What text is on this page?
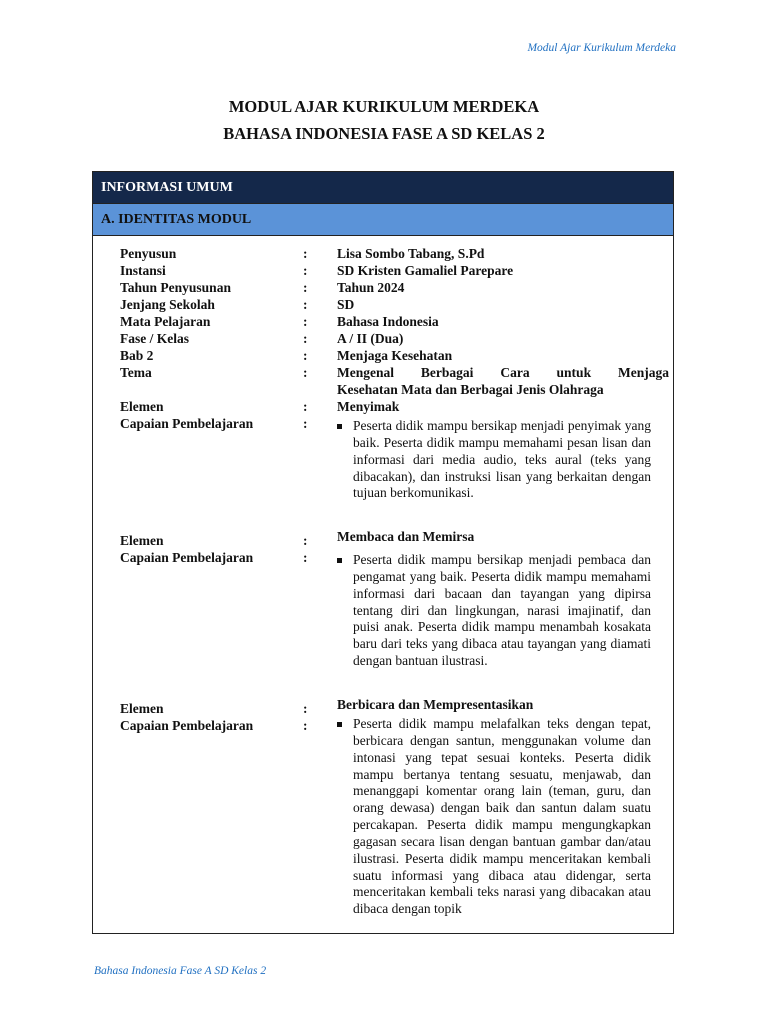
Modul Ajar Kurikulum Merdeka
MODUL AJAR KURIKULUM MERDEKA
BAHASA INDONESIA FASE A SD KELAS 2
INFORMASI UMUM
A. IDENTITAS MODUL
Penyusun	: Lisa Sombo Tabang, S.Pd
Instansi	: SD Kristen Gamaliel Parepare
Tahun Penyusunan	: Tahun 2024
Jenjang Sekolah	: SD
Mata Pelajaran	: Bahasa Indonesia
Fase / Kelas	: A / II (Dua)
Bab 2	: Menjaga Kesehatan
Tema	: Mengenal Berbagai Cara untuk Menjaga
Kesehatan Mata dan Berbagai Jenis Olahraga
Elemen	: Menyimak
Capaian Pembelajaran	:	Peserta didik mampu bersikap menjadi penyimak yang baik. Peserta didik mampu memahami pesan lisan dan informasi dari media audio, teks aural (teks yang dibacakan), dan instruksi lisan yang berkaitan dengan tujuan berkomunikasi.
Elemen	: Membaca dan Memirsa
Capaian Pembelajaran	:	Peserta didik mampu bersikap menjadi pembaca dan pengamat yang baik. Peserta didik mampu memahami informasi dari bacaan dan tayangan yang dipirsa tentang diri dan lingkungan, narasi imajinatif, dan puisi anak. Peserta didik mampu menambah kosakata baru dari teks yang dibaca atau tayangan yang diamati dengan bantuan ilustrasi.
Elemen	: Berbicara dan Mempresentasikan
Capaian Pembelajaran	:	Peserta didik mampu melafalkan teks dengan tepat, berbicara dengan santun, menggunakan volume dan intonasi yang tepat sesuai konteks. Peserta didik mampu bertanya tentang sesuatu, menjawab, dan menanggapi komentar orang lain (teman, guru, dan orang dewasa) dengan baik dan santun dalam suatu percakapan. Peserta didik mampu mengungkapkan gagasan secara lisan dengan bantuan gambar dan/atau ilustrasi. Peserta didik mampu menceritakan kembali suatu informasi yang dibaca atau didengar, serta menceritakan kembali teks narasi yang dibacakan atau dibaca dengan topik
Bahasa Indonesia Fase A SD Kelas 2
